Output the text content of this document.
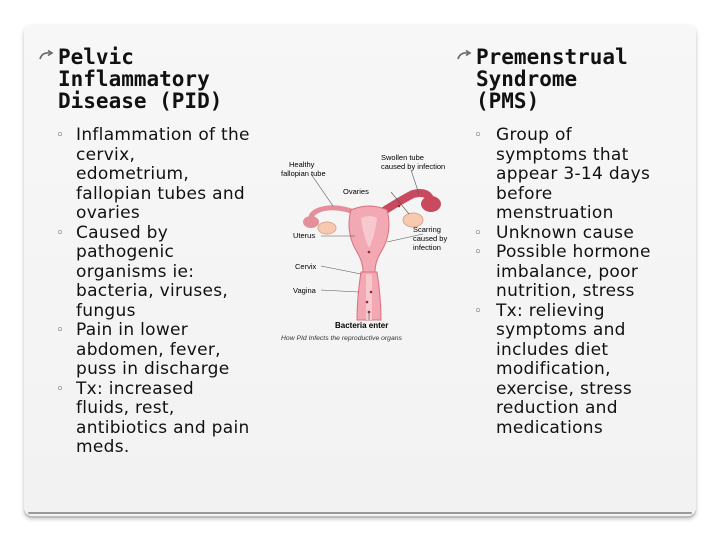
Pelvic
Inflammatory
Disease (PID)
◦ Inflammation of the
cervix,
edometrium,
fallopian tubes and
ovaries
◦ Caused by
pathogenic
organisms ie:
bacteria, viruses,
fungus
◦ Pain in lower
abdomen, fever,
puss in discharge
◦ Tx: increased
fluids, rest,
antibiotics and pain
meds.
Healthy
fallopian tube
Swollen tube
caused by infection
Ovaries
Uterus
Scarring
caused by
infection
Cervix
Vagina
Bacteria enter
How PId Infects the reproductive organs
Premenstrual
Syndrome
(PMS)
◦ Group of
symptoms that
appear 3-14 days
before
menstruation
◦ Unknown cause
◦ Possible hormone
imbalance, poor
nutrition, stress
◦ Tx: relieving
symptoms and
includes diet
modification,
exercise, stress
reduction and
medications
